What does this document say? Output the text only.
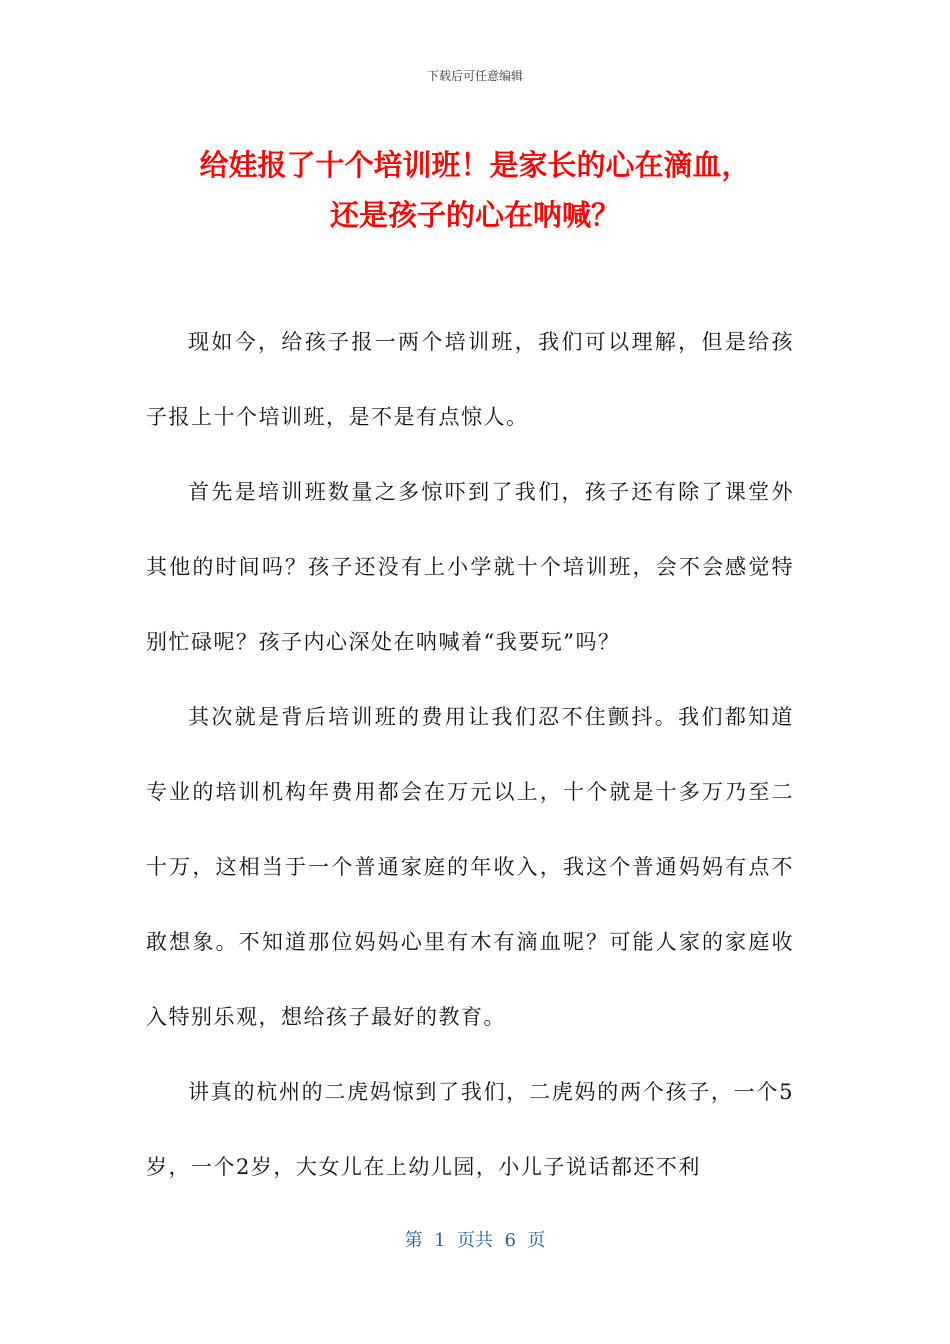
下载后可任意编辑
给娃报了十个培训班！是家长的心在滴血，
还是孩子的心在呐喊？

现如今，给孩子报一两个培训班，我们可以理解，但是给孩子报上十个培训班，是不是有点惊人。

首先是培训班数量之多惊吓到了我们，孩子还有除了课堂外其他的时间吗？孩子还没有上小学就十个培训班，会不会感觉特别忙碌呢？孩子内心深处在呐喊着“我要玩”吗？

其次就是背后培训班的费用让我们忍不住颤抖。我们都知道专业的培训机构年费用都会在万元以上，十个就是十多万乃至二十万，这相当于一个普通家庭的年收入，我这个普通妈妈有点不敢想象。不知道那位妈妈心里有木有滴血呢？可能人家的家庭收入特别乐观，想给孩子最好的教育。

讲真的杭州的二虎妈惊到了我们，二虎妈的两个孩子，一个5岁，一个2岁，大女儿在上幼儿园，小儿子说话都还不利

第  1  页共  6  页
